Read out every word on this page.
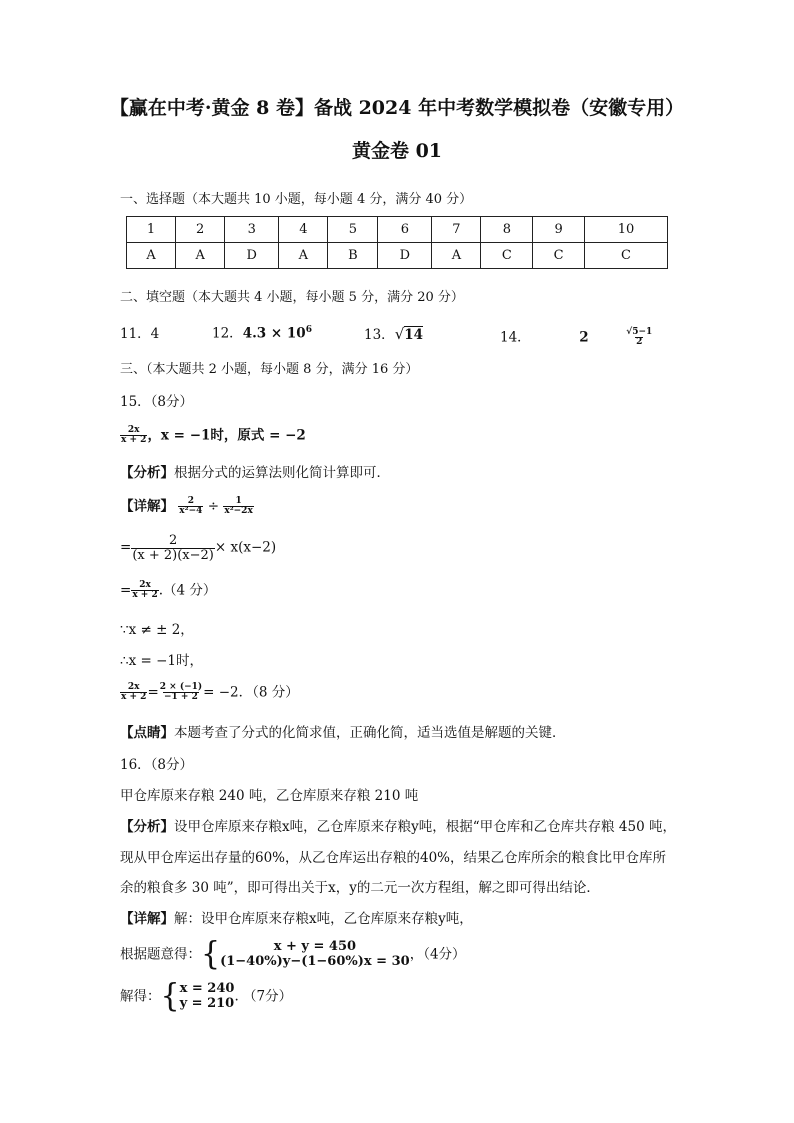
【赢在中考·黄金 8 卷】备战 2024 年中考数学模拟卷（安徽专用）
黄金卷 01
一、选择题（本大题共 10 小题，每小题 4 分，满分 40 分）
1	2	3	4	5	6	7	8	9	10
A	A	D	A	B	D	A	C	C	C
二、填空题（本大题共 4 小题，每小题 5 分，满分 20 分）
11．4	12．$4.3 \times 10^6$	13．√14	14．	2	$\frac{√5-1}{2}$
三、（本大题共 2 小题，每小题 8 分，满分 16 分）
15．（8分）
$\frac{2x}{x + 2}$ ，x = −1时，原式 = −2
【分析】根据分式的运算法则化简计算即可．
【详解】 $\frac{2}{\text{x²−4}} \div \frac{1}{\text{x²−2x}}$
= $\frac{2}{(x + 2)(x-2)} \times x(x-2)$
= $\frac{2x}{x + 2} .(4$ 分）
∵x ≠ ± 2，
∴x = −1时，
$\frac{2x}{x + 2} = \frac{2 \times (-1)}{-1 + 2} = -2$．（8 分）
【点睛】本题考查了分式的化简求值，正确化简，适当选值是解题的关键．
16．（8分）
甲仓库原来存粮 240 吨，乙仓库原来存粮 210 吨
【分析】设甲仓库原来存粮x吨，乙仓库原来存粮y吨，根据“甲仓库和乙仓库共存粮 450 吨，
现从甲仓库运出存量的60%，从乙仓库运出存粮的40%，结果乙仓库所余的粮食比甲仓库所
余的粮食多 30 吨”，即可得出关于x，y的二元一次方程组，解之即可得出结论．
【详解】解：设甲仓库原来存粮x吨，乙仓库原来存粮y吨，
根据题意得：{	x + y = 450
(1−40%)y−(1−60%)x = 30 ，（4分）
解得：{ x = 240
y = 210 . （7分）
